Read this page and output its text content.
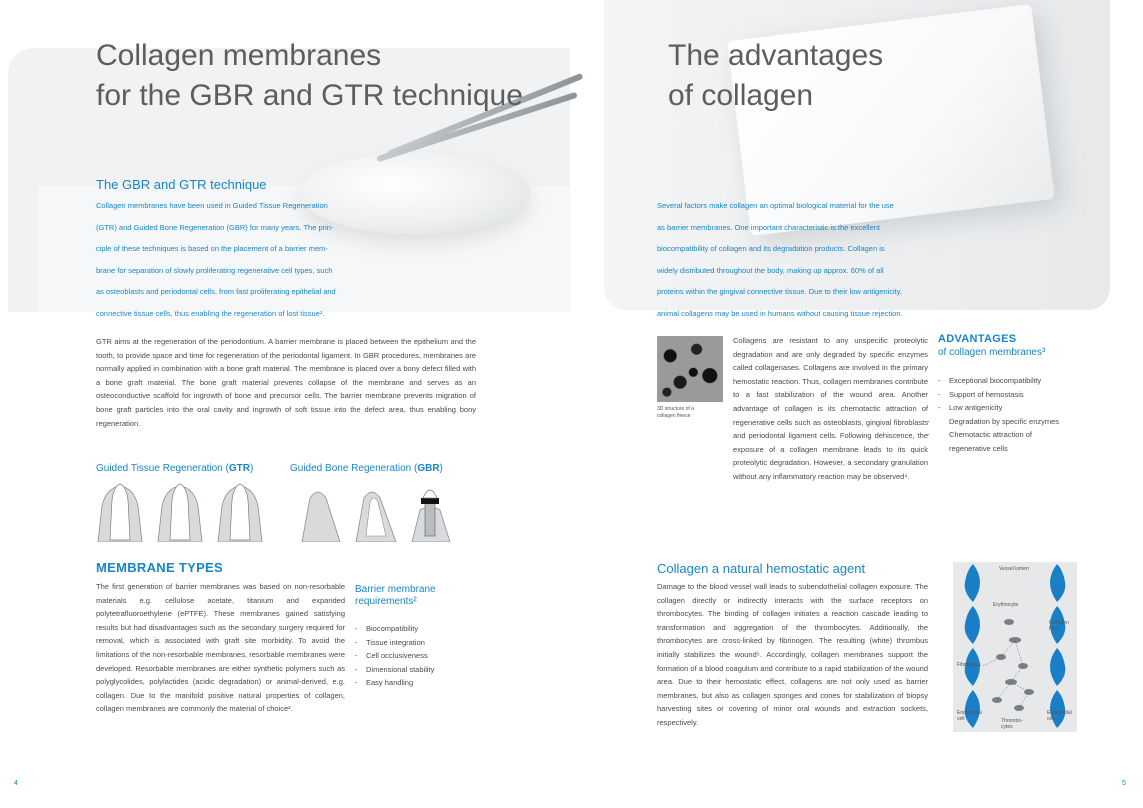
Collagen membranes
for the GBR and GTR technique
The GBR and GTR technique
Collagen membranes have been used in Guided Tissue Regeneration
(GTR) and Guided Bone Regeneration (GBR) for many years. The prin-
ciple of these techniques is based on the placement of a barrier mem-
brane for separation of slowly proliferating regenerative cell types, such
as osteoblasts and periodontal cells, from fast proliferating epithelial and
connective tissue cells, thus enabling the regeneration of lost tissue¹.
GTR aims at the regeneration of the periodontium. A barrier membrane is placed between the epithelium and the tooth, to provide space and time for regeneration of the periodontal ligament. In GBR procedures, membranes are normally applied in combination with a bone graft material. The membrane is placed over a bony defect filled with a bone graft material. The bone graft material prevents collapse of the membrane and serves as an osteoconductive scaffold for ingrowth of bone and precursor cells. The barrier membrane prevents migration of bone graft particles into the oral cavity and ingrowth of soft tissue into the defect area, thus enabling bony regeneration.
Guided Tissue Regeneration (GTR)	Guided Bone Regeneration (GBR)
MEMBRANE TYPES
The first generation of barrier membranes was based on non-resorbable materials e.g. cellulose acetate, titanium and expanded polytetrafluoroethylene (ePTFE). These membranes gained satisfying results but had disadvantages such as the secondary surgery required for removal, which is associated with graft site morbidity. To avoid the limitations of the non-resorbable membranes, resorbable membranes were developed. Resorbable membranes are either synthetic polymers such as polyglycolides, polylactides (acidic degradation) or animal-derived, e.g. collagen. Due to the manifold positive natural properties of collagen, collagen membranes are commonly the material of choice².
Barrier membrane
requirements²
- Biocompatibility
- Tissue integration
- Cell occlusiveness
- Dimensional stability
- Easy handling
4
The advantages
of collagen
Several factors make collagen an optimal biological material for the use
as barrier membranes. One important characteristic is the excellent
biocompatibility of collagen and its degradation products. Collagen is
widely distributed throughout the body, making up approx. 60% of all
proteins within the gingival connective tissue. Due to their low antigenicity,
animal collagens may be used in humans without causing tissue rejection.
3D structure of a
collagen fleece
Collagens are resistant to any unspecific proteolytic degradation and are only degraded by specific enzymes called collagenases. Collagens are involved in the primary hemostatic reaction. Thus, collagen membranes contribute to a fast stabilization of the wound area. Another advantage of collagen is its chemotactic attraction of regenerative cells such as osteoblasts, gingival fibroblasts and periodontal ligament cells. Following dehiscence, the exposure of a collagen membrane leads to its quick proteolytic degradation. However, a secondary granulation without any inflammatory reaction may be observed⁴.
ADVANTAGES
of collagen membranes³
- Exceptional biocompatibility
- Support of hemostasis
- Low antigenicity
- Degradation by specific enzymes
- Chemotactic attraction of regenerative cells
Collagen a natural hemostatic agent
Damage to the blood vessel wall leads to subendothelial collagen exposure. The collagen directly or indirectly interacts with the surface receptors on thrombocytes. The binding of collagen initiates a reaction cascade leading to transformation and aggregation of the thrombocytes. Additionally, the thrombocytes are cross-linked by fibrinogen. The resulting (white) thrombus initially stabilizes the wound⁵. Accordingly, collagen membranes support the formation of a blood coagulum and contribute to a rapid stabilization of the wound area. Due to their hemostatic effect, collagens are not only used as barrier membranes, but also as collagen sponges and cones for stabilization of biopsy harvesting sites or covering of minor oral wounds and extraction sockets, respectively.
Vessel lumen
Erythrocyte
Collagen
fiber
Fibrinogen
Endothelial
cell
Endothelial
cell
Thrombo-
cytes
5
